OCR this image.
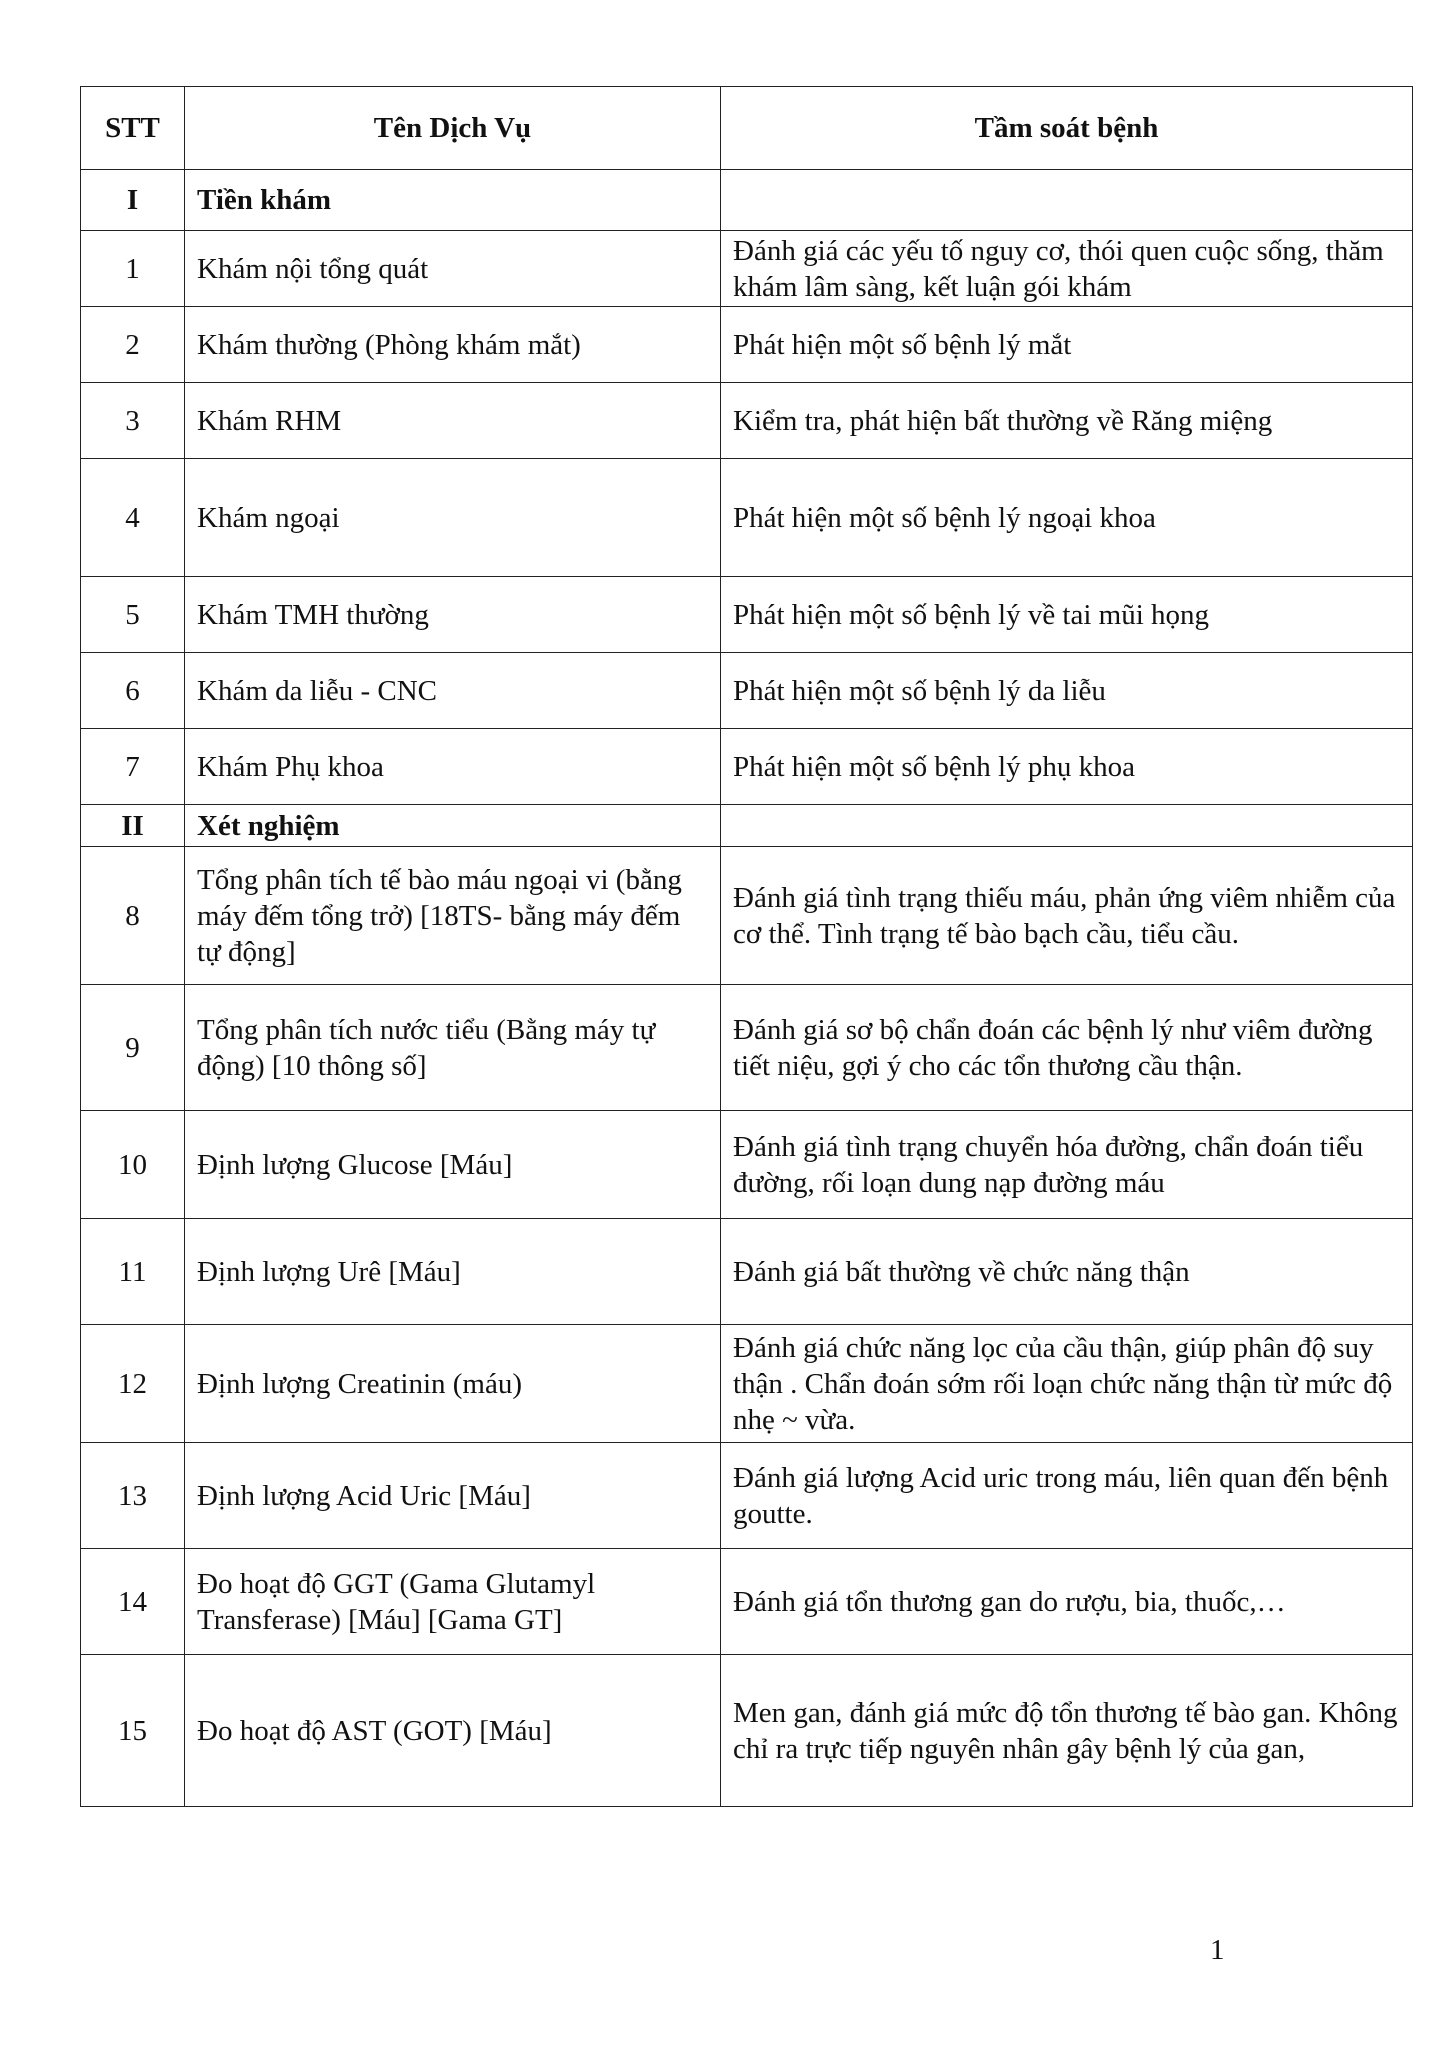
STT	Tên Dịch Vụ	Tầm soát bệnh
I	Tiền khám	
1	Khám nội tổng quát	Đánh giá các yếu tố nguy cơ, thói quen cuộc sống, thăm khám lâm sàng, kết luận gói khám
2	Khám thường (Phòng khám mắt)	Phát hiện một số bệnh lý mắt
3	Khám RHM	Kiểm tra, phát hiện bất thường về Răng miệng
4	Khám ngoại	Phát hiện một số bệnh lý ngoại khoa
5	Khám TMH thường	Phát hiện một số bệnh lý về tai mũi họng
6	Khám da liễu - CNC	Phát hiện một số bệnh lý da liễu
7	Khám Phụ khoa	Phát hiện một số bệnh lý phụ khoa
II	Xét nghiệm	
8	Tổng phân tích tế bào máu ngoại vi (bằng máy đếm tổng trở) [18TS- bằng máy đếm tự động]	Đánh giá tình trạng thiếu máu, phản ứng viêm nhiễm của cơ thể. Tình trạng tế bào bạch cầu, tiểu cầu.
9	Tổng phân tích nước tiểu (Bằng máy tự động) [10 thông số]	Đánh giá sơ bộ chẩn đoán các bệnh lý như viêm đường tiết niệu, gợi ý cho các tổn thương cầu thận.
10	Định lượng Glucose [Máu]	Đánh giá tình trạng chuyển hóa đường, chẩn đoán tiểu đường, rối loạn dung nạp đường máu
11	Định lượng Urê [Máu]	Đánh giá bất thường về chức năng thận
12	Định lượng Creatinin (máu)	Đánh giá chức năng lọc của cầu thận, giúp phân độ suy thận . Chẩn đoán sớm rối loạn chức năng thận từ mức độ nhẹ ~ vừa.
13	Định lượng Acid Uric [Máu]	Đánh giá lượng Acid uric trong máu, liên quan đến bệnh goutte.
14	Đo hoạt độ GGT (Gama Glutamyl Transferase) [Máu] [Gama GT]	Đánh giá tổn thương gan do rượu, bia, thuốc,…
15	Đo hoạt độ AST (GOT) [Máu]	Men gan, đánh giá mức độ tổn thương tế bào gan. Không chỉ ra trực tiếp nguyên nhân gây bệnh lý của gan,
1
